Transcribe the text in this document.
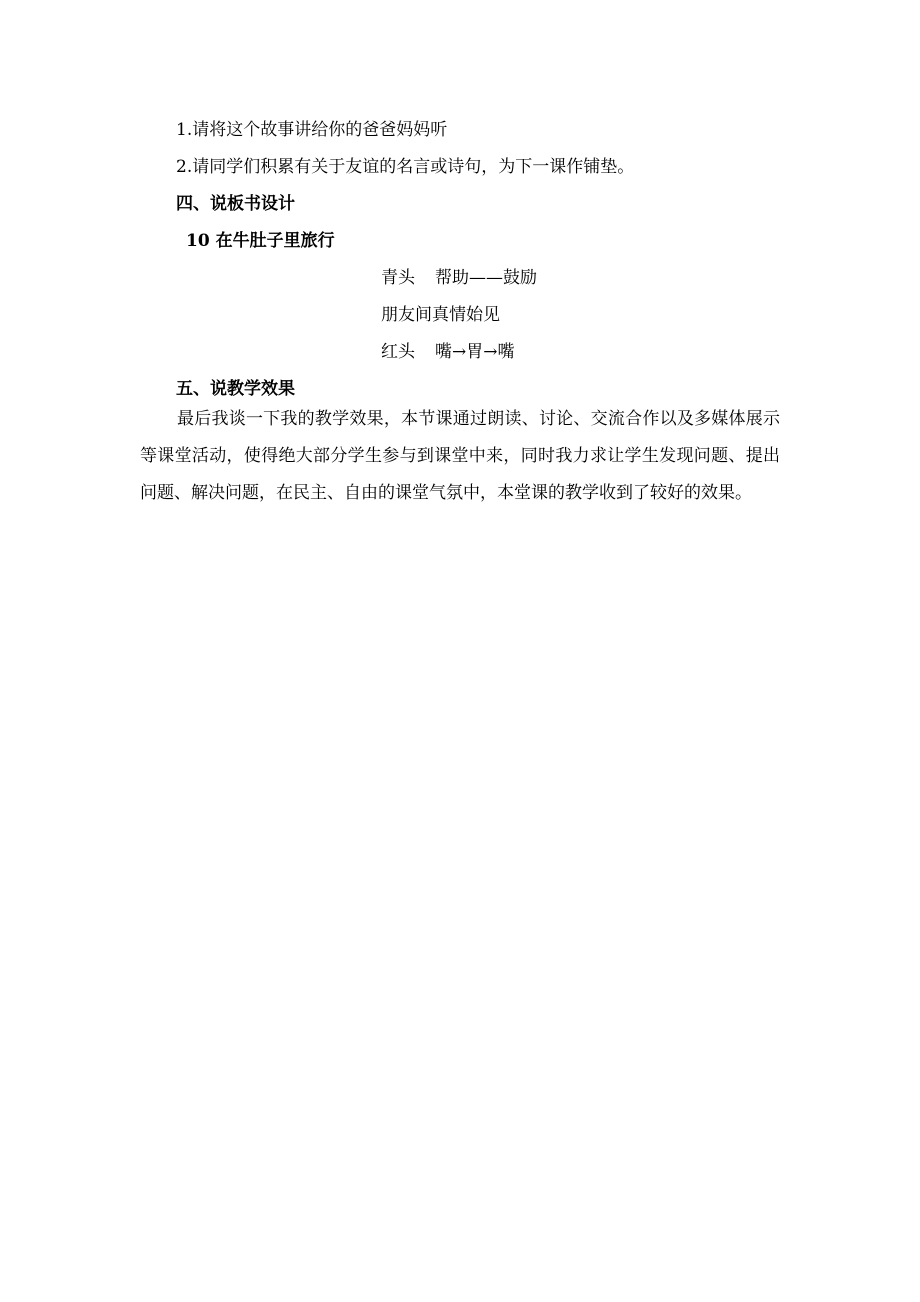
1.请将这个故事讲给你的爸爸妈妈听
2.请同学们积累有关于友谊的名言或诗句，为下一课作铺垫。
四、说板书设计
10 在牛肚子里旅行
青头 帮助——鼓励
朋友间真情始见
红头 嘴→胃→嘴
五、说教学效果
最后我谈一下我的教学效果，本节课通过朗读、讨论、交流合作以及多媒体展示等课堂活动，使得绝大部分学生参与到课堂中来，同时我力求让学生发现问题、提出问题、解决问题，在民主、自由的课堂气氛中，本堂课的教学收到了较好的效果。
